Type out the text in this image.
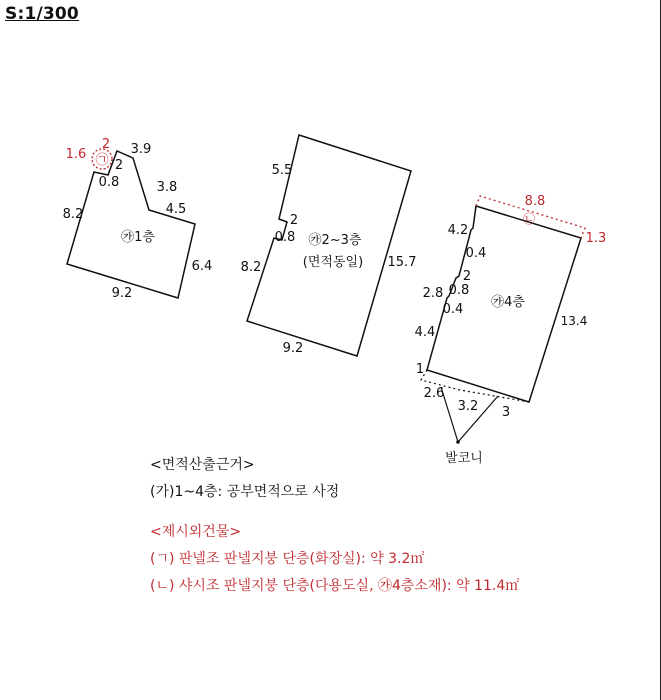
S:1/300
㉠
2
1.6	3.9
2
0.8	3.8
4.5
8.2
6.4
9.2
㉮1층
5.5
2
0.8
8.2	15.7
9.2
㉮2~3층
(면적동일)
㉡
8.8
1.3
4.2
0.4
2
2.8 0.8
0.4
4.4
13.4
1
2.6
3.2 3
㉮4층
발코니
<면적산출근거>
(가)1~4층: 공부면적으로 사정
<제시외건물>
(ㄱ) 판넬조 판넬지붕 단층(화장실): 약 3.2㎡
(ㄴ) 샤시조 판넬지붕 단층(다용도실, ㉮4층소재): 약 11.4㎡
